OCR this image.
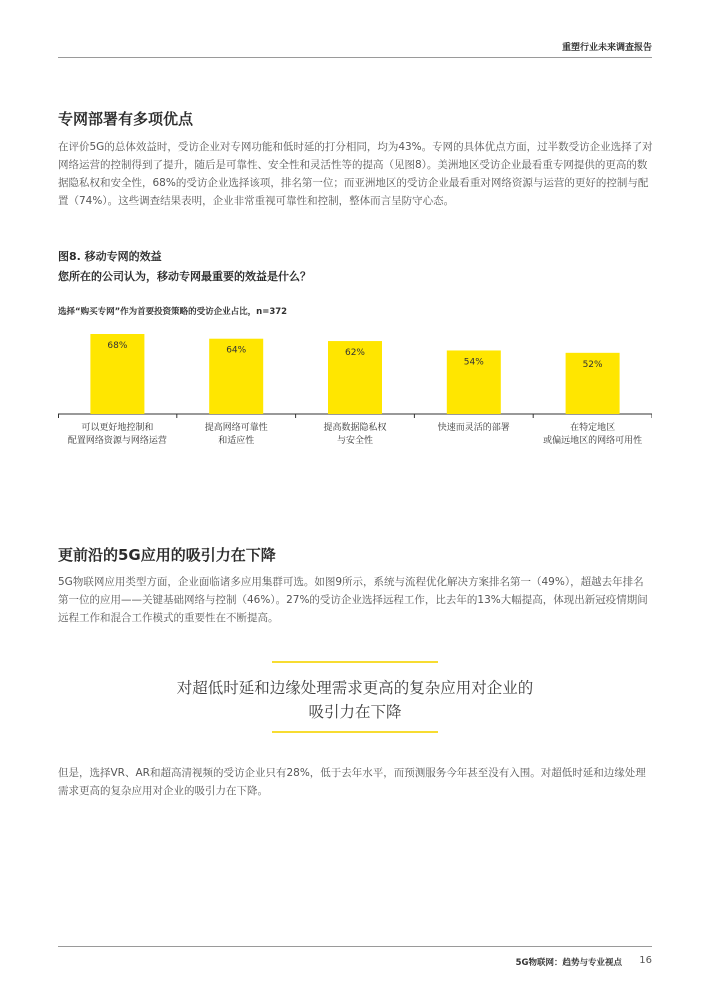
重塑行业未来调查报告
专网部署有多项优点

在评价5G的总体效益时，受访企业对专网功能和低时延的打分相同，均为43%。专网的具体优点方面，过半数受访企业选择了对网络运营的控制得到了提升，随后是可靠性、安全性和灵活性等的提高（见图8）。美洲地区受访企业最看重专网提供的更高的数据隐私权和安全性，68%的受访企业选择该项，排名第一位；而亚洲地区的受访企业最看重对网络资源与运营的更好的控制与配置（74%）。这些调查结果表明，企业非常重视可靠性和控制，整体而言呈防守心态。

图8. 移动专网的效益
您所在的公司认为，移动专网最重要的效益是什么？
选择“购买专网”作为首要投资策略的受访企业占比，n=372
68%
可以更好地控制和
配置网络资源与网络运营
64%
提高网络可靠性
和适应性
62%
提高数据隐私权
与安全性
54%
快速而灵活的部署
52%
在特定地区
或偏远地区的网络可用性
更前沿的5G应用的吸引力在下降

5G物联网应用类型方面，企业面临诸多应用集群可选。如图9所示，系统与流程优化解决方案排名第一（49%），超越去年排名第一位的应用——关键基础网络与控制（46%）。27%的受访企业选择远程工作，比去年的13%大幅提高，体现出新冠疫情期间远程工作和混合工作模式的重要性在不断提高。

对超低时延和边缘处理需求更高的复杂应用对企业的
吸引力在下降

但是，选择VR、AR和超高清视频的受访企业只有28%，低于去年水平，而预测服务今年甚至没有入围。对超低时延和边缘处理需求更高的复杂应用对企业的吸引力在下降。

5G物联网：趋势与专业视点 16
